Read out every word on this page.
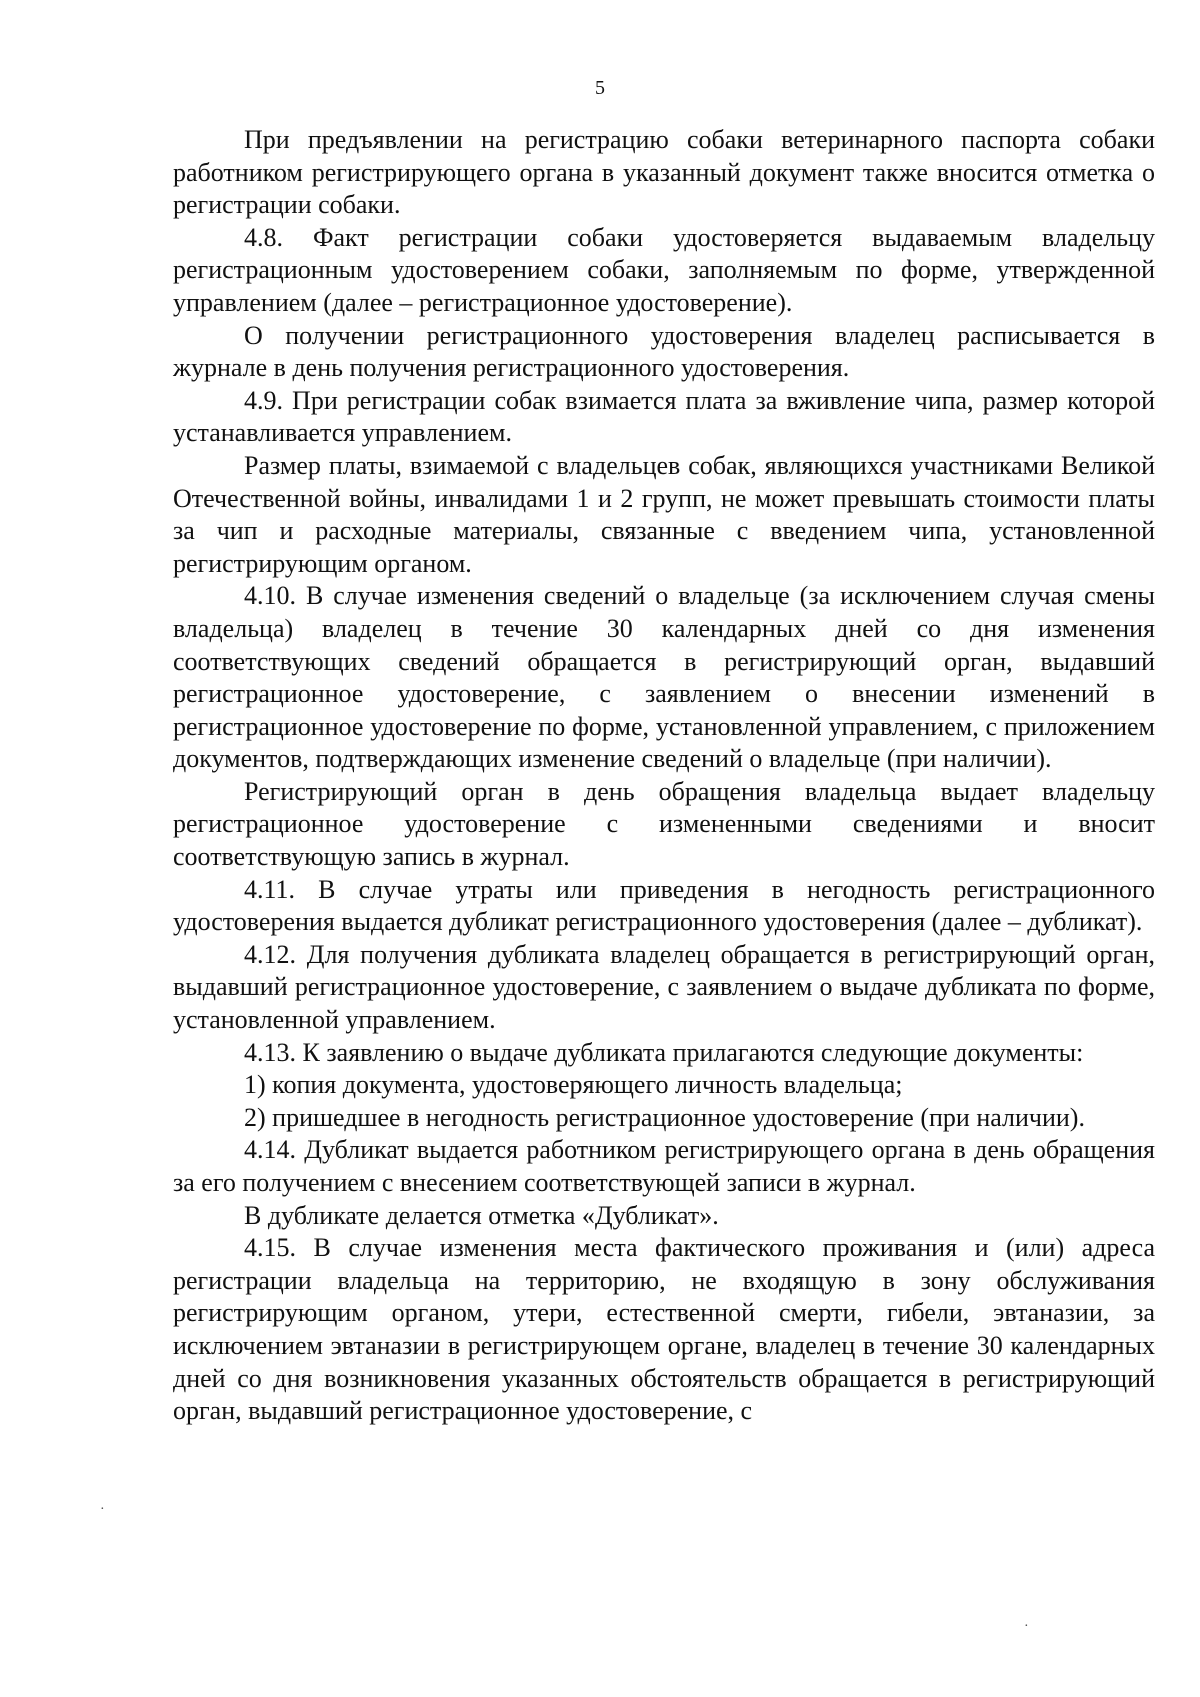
5

При предъявлении на регистрацию собаки ветеринарного паспорта собаки работником регистрирующего органа в указанный документ также вносится отметка о регистрации собаки.

4.8. Факт регистрации собаки удостоверяется выдаваемым владельцу регистрационным удостоверением собаки, заполняемым по форме, утвержденной управлением (далее – регистрационное удостоверение).

О получении регистрационного удостоверения владелец расписывается в журнале в день получения регистрационного удостоверения.

4.9. При регистрации собак взимается плата за вживление чипа, размер которой устанавливается управлением.

Размер платы, взимаемой с владельцев собак, являющихся участниками Великой Отечественной войны, инвалидами 1 и 2 групп, не может превышать стоимости платы за чип и расходные материалы, связанные с введением чипа, установленной регистрирующим органом.

4.10. В случае изменения сведений о владельце (за исключением случая смены владельца) владелец в течение 30 календарных дней со дня изменения соответствующих сведений обращается в регистрирующий орган, выдавший регистрационное удостоверение, с заявлением о внесении изменений в регистрационное удостоверение по форме, установленной управлением, с приложением документов, подтверждающих изменение сведений о владельце (при наличии).

Регистрирующий орган в день обращения владельца выдает владельцу регистрационное удостоверение с измененными сведениями и вносит соответствующую запись в журнал.

4.11. В случае утраты или приведения в негодность регистрационного удостоверения выдается дубликат регистрационного удостоверения (далее – дубликат).

4.12. Для получения дубликата владелец обращается в регистрирующий орган, выдавший регистрационное удостоверение, с заявлением о выдаче дубликата по форме, установленной управлением.

4.13. К заявлению о выдаче дубликата прилагаются следующие документы:

1) копия документа, удостоверяющего личность владельца;

2) пришедшее в негодность регистрационное удостоверение (при наличии).

4.14. Дубликат выдается работником регистрирующего органа в день обращения за его получением с внесением соответствующей записи в журнал.

В дубликате делается отметка «Дубликат».

4.15. В случае изменения места фактического проживания и (или) адреса регистрации владельца на территорию, не входящую в зону обслуживания регистрирующим органом, утери, естественной смерти, гибели, эвтаназии, за исключением эвтаназии в регистрирующем органе, владелец в течение 30 календарных дней со дня возникновения указанных обстоятельств обращается в регистрирующий орган, выдавший регистрационное удостоверение, с

·
·
